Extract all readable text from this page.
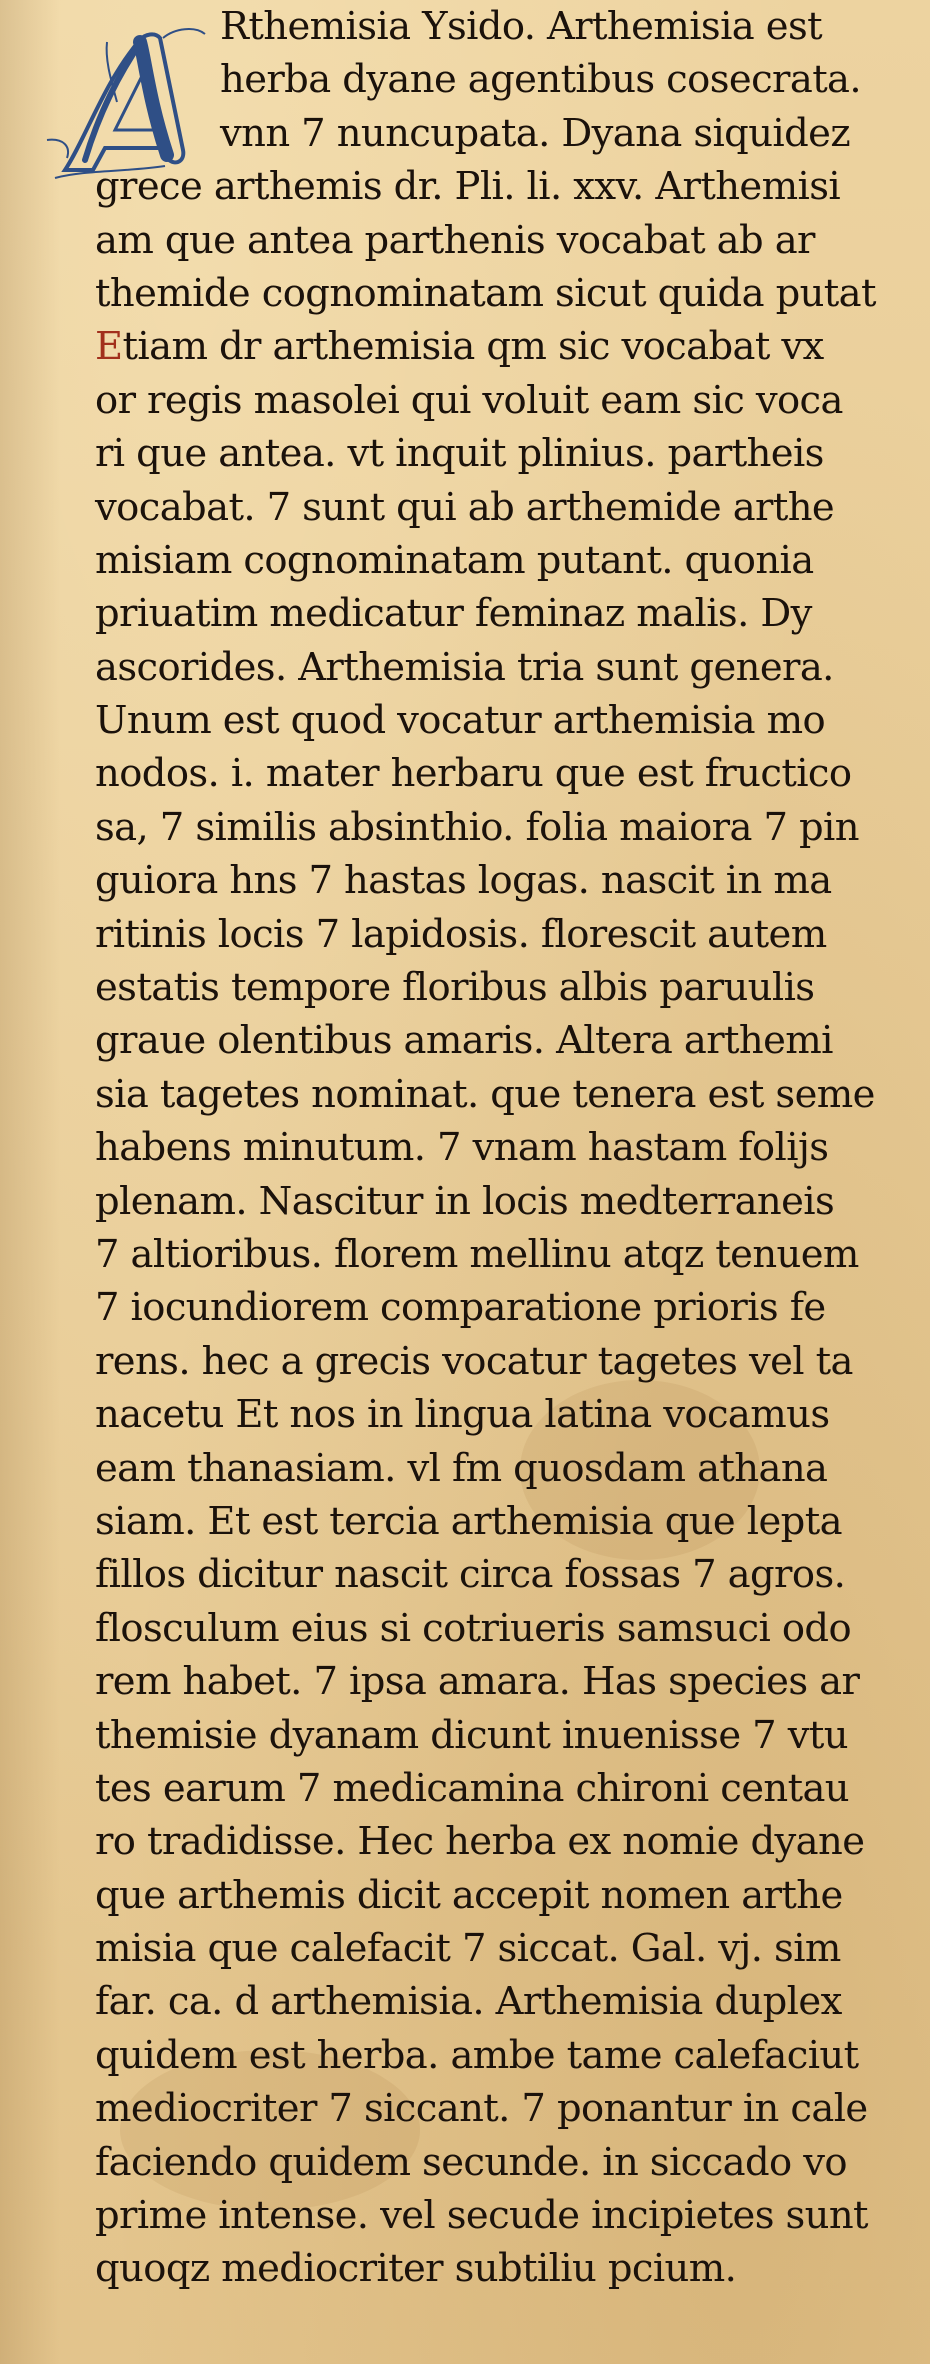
Rthemisia Ysido. Arthemisia est
herba dyane agentibus cosecrata.
vnn 7 nuncupata. Dyana siquidez
grece arthemis dr. Pli. li. xxv. Arthemisi
am que antea parthenis vocabat ab ar
themide cognominatam sicut quida putat
Etiam dr arthemisia qm sic vocabat vx
or regis masolei qui voluit eam sic voca
ri que antea. vt inquit plinius. partheis
vocabat. 7 sunt qui ab arthemide arthe
misiam cognominatam putant. quonia
priuatim medicatur feminaz malis. Dy
ascorides. Arthemisia tria sunt genera.
Unum est quod vocatur arthemisia mo
nodos. i. mater herbaru que est fructico
sa, 7 similis absinthio. folia maiora 7 pin
guiora hns 7 hastas logas. nascit in ma
ritinis locis 7 lapidosis. florescit autem
estatis tempore floribus albis paruulis
graue olentibus amaris. Altera arthemi
sia tagetes nominat. que tenera est seme
habens minutum. 7 vnam hastam folijs
plenam. Nascitur in locis medterraneis
7 altioribus. florem mellinu atqz tenuem
7 iocundiorem comparatione prioris fe
rens. hec a grecis vocatur tagetes vel ta
nacetu Et nos in lingua latina vocamus
eam thanasiam. vl fm quosdam athana
siam. Et est tercia arthemisia que lepta
fillos dicitur nascit circa fossas 7 agros.
flosculum eius si cotriueris samsuci odo
rem habet. 7 ipsa amara. Has species ar
themisie dyanam dicunt inuenisse 7 vtu
tes earum 7 medicamina chironi centau
ro tradidisse. Hec herba ex nomie dyane
que arthemis dicit accepit nomen arthe
misia que calefacit 7 siccat. Gal. vj. sim
far. ca. d arthemisia. Arthemisia duplex
quidem est herba. ambe tame calefaciut
mediocriter 7 siccant. 7 ponantur in cale
faciendo quidem secunde. in siccado vo
prime intense. vel secude incipietes sunt
quoqz mediocriter subtiliu pcium.
